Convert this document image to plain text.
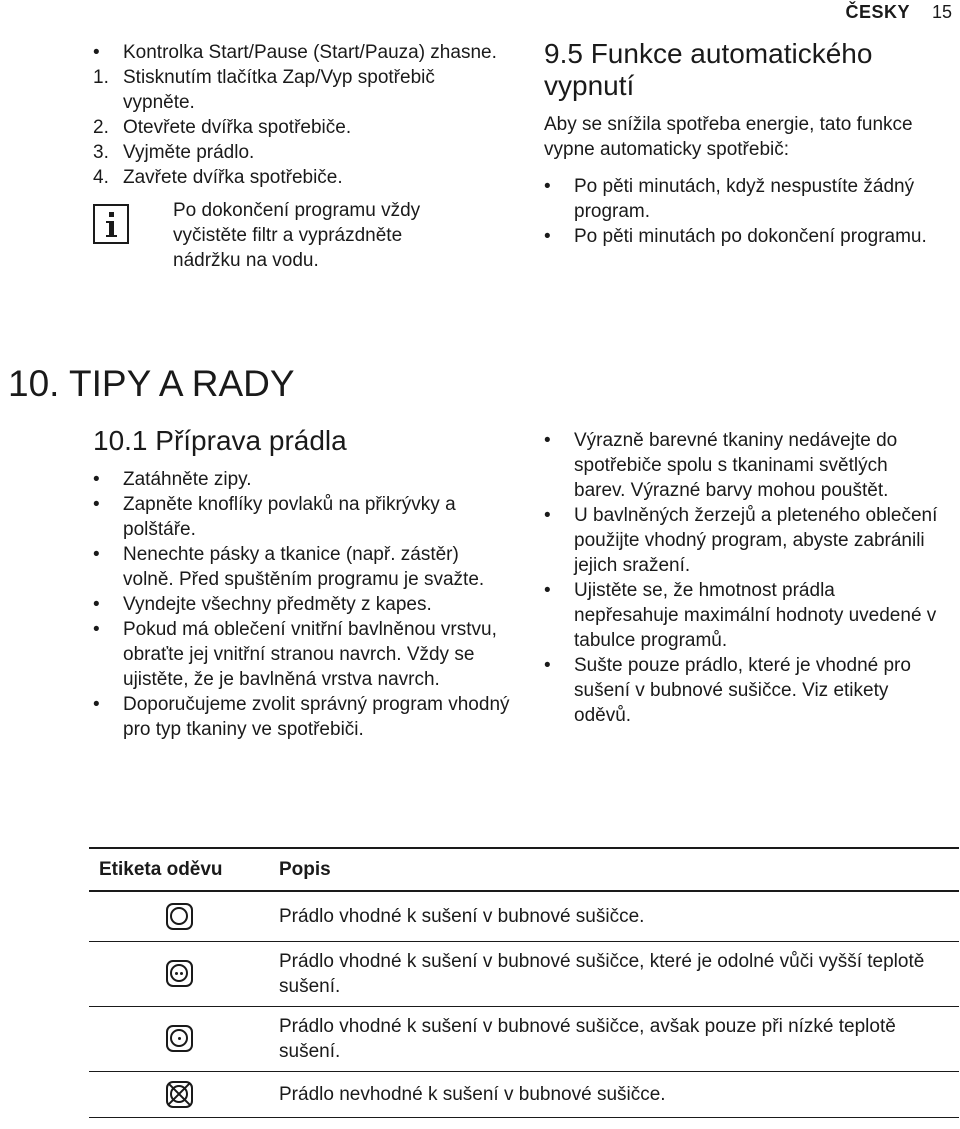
ČESKY	15
• Kontrolka Start/Pause (Start/Pauza) zhasne.
1. Stisknutím tlačítka Zap/Vyp spotřebič vypněte.
2. Otevřete dvířka spotřebiče.
3. Vyjměte prádlo.
4. Zavřete dvířka spotřebiče.
Po dokončení programu vždy vyčistěte filtr a vyprázdněte nádržku na vodu.
9.5 Funkce automatického vypnutí

Aby se snížila spotřeba energie, tato funkce vypne automaticky spotřebič:

• Po pěti minutách, když nespustíte žádný program.
• Po pěti minutách po dokončení programu.
10. TIPY A RADY
10.1 Příprava prádla
• Zatáhněte zipy.
• Zapněte knoflíky povlaků na přikrývky a polštáře.
• Nenechte pásky a tkanice (např. zástěr) volně. Před spuštěním programu je svažte.
• Vyndejte všechny předměty z kapes.
• Pokud má oblečení vnitřní bavlněnou vrstvu, obraťte jej vnitřní stranou navrch. Vždy se ujistěte, že je bavlněná vrstva navrch.
• Doporučujeme zvolit správný program vhodný pro typ tkaniny ve spotřebiči.
• Výrazně barevné tkaniny nedávejte do spotřebiče spolu s tkaninami světlých barev. Výrazné barvy mohou pouštět.
• U bavlněných žerzejů a pleteného oblečení použijte vhodný program, abyste zabránili jejich sražení.
• Ujistěte se, že hmotnost prádla nepřesahuje maximální hodnoty uvedené v tabulce programů.
• Sušte pouze prádlo, které je vhodné pro sušení v bubnové sušičce. Viz etikety oděvů.
Etiketa oděvu	Popis

	Prádlo vhodné k sušení v bubnové sušičce.

	Prádlo vhodné k sušení v bubnové sušičce, které je odolné vůči vyšší teplotě sušení.

	Prádlo vhodné k sušení v bubnové sušičce, avšak pouze při nízké teplotě sušení.

	Prádlo nevhodné k sušení v bubnové sušičce.
